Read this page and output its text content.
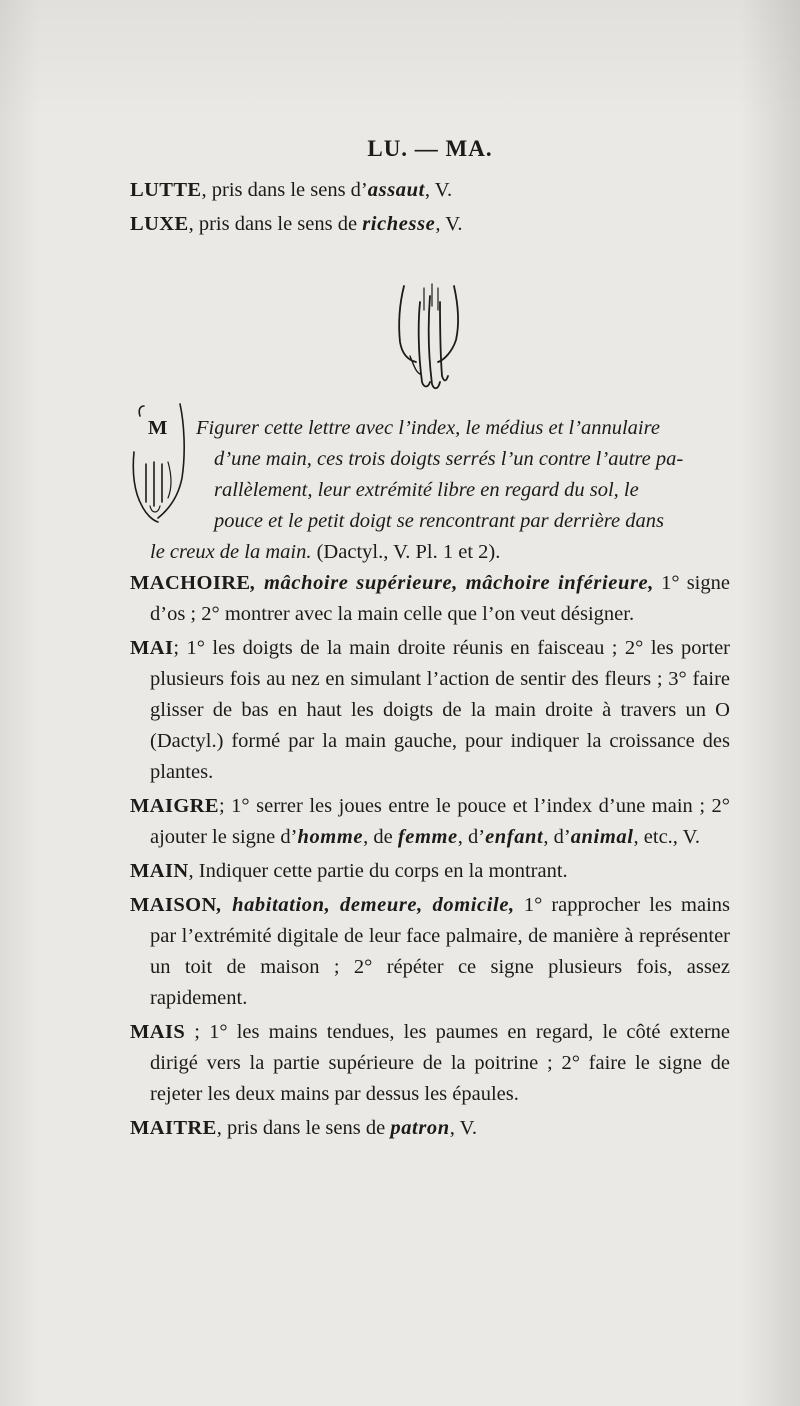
LU. — MA.

LUTTE, pris dans le sens d’assaut, V.

LUXE, pris dans le sens de richesse, V.

M Figurer cette lettre avec l’index, le médius et l’annulaire
d’une main, ces trois doigts serrés l’un contre l’autre pa-
rallèlement, leur extrémité libre en regard du sol, le
pouce et le petit doigt se rencontrant par derrière dans
le creux de la main. (Dactyl., V. Pl. 1 et 2).

MACHOIRE, mâchoire supérieure, mâchoire inférieure, 1° signe d’os ; 2° montrer avec la main celle que l’on veut désigner.

MAI; 1° les doigts de la main droite réunis en faisceau ; 2° les porter plusieurs fois au nez en simulant l’action de sentir des fleurs ; 3° faire glisser de bas en haut les doigts de la main droite à travers un O (Dactyl.) formé par la main gauche, pour indiquer la croissance des plantes.

MAIGRE; 1° serrer les joues entre le pouce et l’index d’une main ; 2° ajouter le signe d’homme, de femme, d’enfant, d’animal, etc., V.

MAIN, Indiquer cette partie du corps en la montrant.

MAISON, habitation, demeure, domicile, 1° rapprocher les mains par l’extrémité digitale de leur face palmaire, de manière à représenter un toit de maison ; 2° répéter ce signe plusieurs fois, assez rapidement.

MAIS ; 1° les mains tendues, les paumes en regard, le côté externe dirigé vers la partie supérieure de la poitrine ; 2° faire le signe de rejeter les deux mains par dessus les épaules.

MAITRE, pris dans le sens de patron, V.
